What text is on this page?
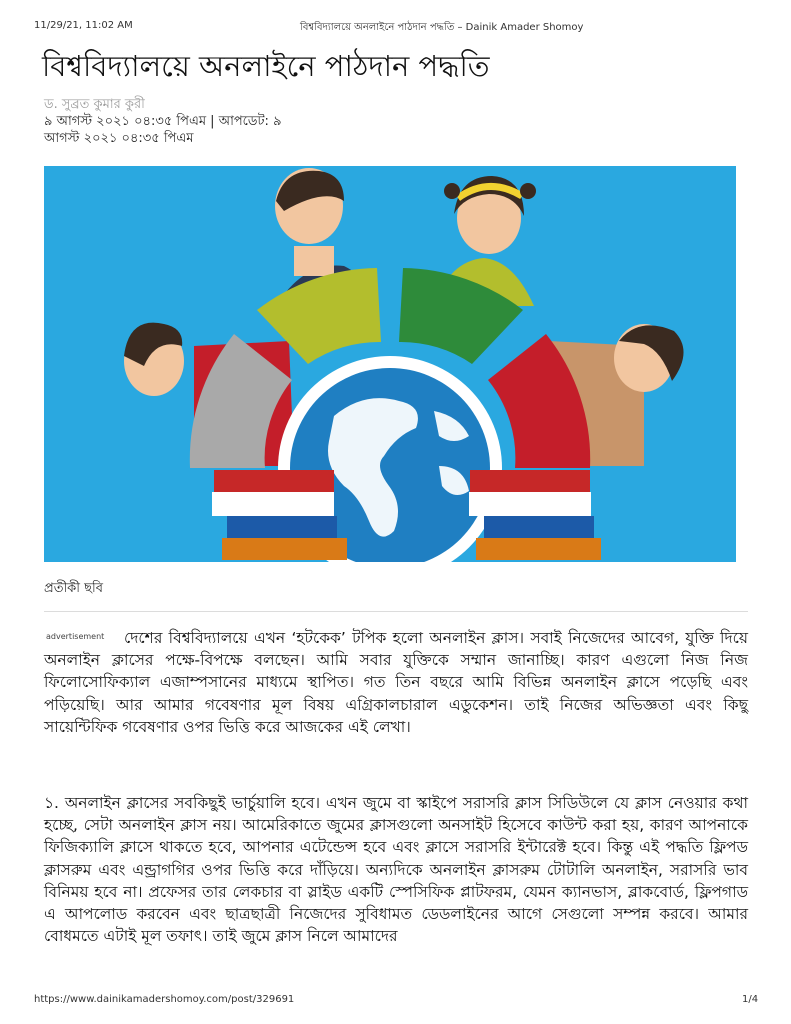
11/29/21, 11:02 AM	বিশ্ববিদ্যালয়ে অনলাইনে পাঠদান পদ্ধতি – Dainik Amader Shomoy
বিশ্ববিদ্যালয়ে অনলাইনে পাঠদান পদ্ধতি
ড. সুব্রত কুমার কুরী
৯ আগস্ট ২০২১ ০৪:৩৫ পিএম | আপডেট: ৯ আগস্ট ২০২১ ০৪:৩৫ পিএম
প্রতীকী ছবি
advertisement	দেশের বিশ্ববিদ্যালয়ে এখন ‘হটকেক’ টপিক হলো অনলাইন ক্লাস। সবাই নিজেদের আবেগ, যুক্তি দিয়ে অনলাইন ক্লাসের পক্ষে-বিপক্ষে বলছেন। আমি সবার যুক্তিকে সম্মান জানাচ্ছি। কারণ এগুলো নিজ নিজ ফিলোসোফিক্যাল এজাম্পসানের মাধ্যমে স্থাপিত। গত তিন বছরে আমি বিভিন্ন অনলাইন ক্লাসে পড়েছি এবং পড়িয়েছি। আর আমার গবেষণার মূল বিষয় এগ্রিকালচারাল এডুকেশন। তাই নিজের অভিজ্ঞতা এবং কিছু সায়েন্টিফিক গবেষণার ওপর ভিত্তি করে আজকের এই লেখা।

১. অনলাইন ক্লাসের সবকিছুই ভার্চুয়ালি হবে। এখন জুমে বা স্কাইপে সরাসরি ক্লাস সিডিউলে যে ক্লাস নেওয়ার কথা হচ্ছে, সেটা অনলাইন ক্লাস নয়। আমেরিকাতে জুমের ক্লাসগুলো অনসাইট হিসেবে কাউন্ট করা হয়, কারণ আপনাকে ফিজিক্যালি ক্লাসে থাকতে হবে, আপনার এটেন্ডেন্স হবে এবং ক্লাসে সরাসরি ইন্টারেক্ট হবে। কিন্তু এই পদ্ধতি ফ্লিপড ক্লাসরুম এবং এন্ড্রাগগির ওপর ভিত্তি করে দাঁড়িয়ে। অন্যদিকে অনলাইন ক্লাসরুম টোটালি অনলাইন, সরাসরি ভাব বিনিময় হবে না। প্রফেসর তার লেকচার বা স্লাইড একটি স্পেসিফিক প্লাটফরম, যেমন ক্যানভাস, ব্লাকবোর্ড, ফ্লিপগাড এ আপলোড করবেন এবং ছাত্রছাত্রী নিজেদের সুবিধামত ডেডলাইনের আগে সেগুলো সম্পন্ন করবে। আমার বোধমতে এটাই মূল তফাৎ। তাই জুমে ক্লাস নিলে আমাদের

https://www.dainikamadershomoy.com/post/329691	1/4
